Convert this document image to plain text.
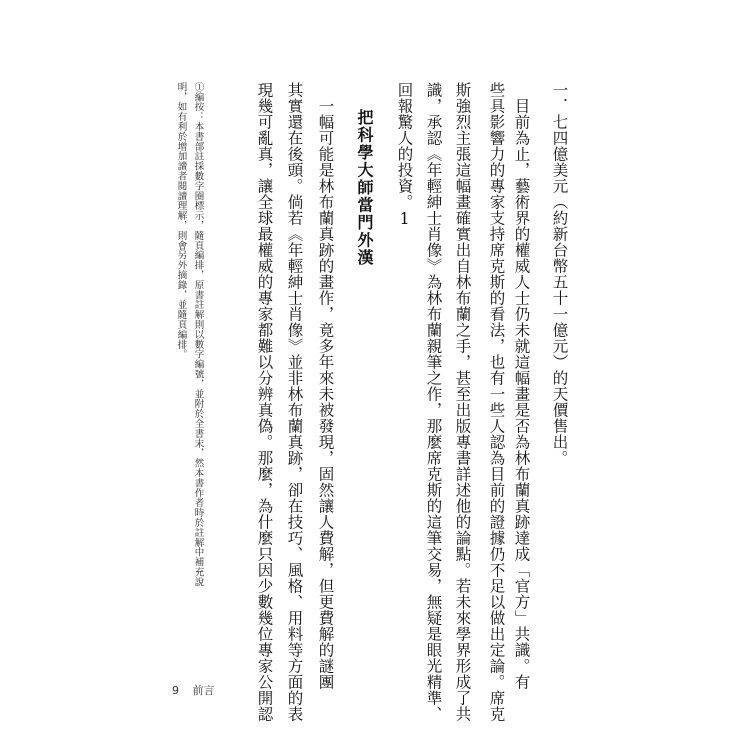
一．七四億美元（約新台幣五十一億元）的天價售出。
　目前為止，藝術界的權威人士仍未就這幅畫是否為林布蘭真跡達成「官方」共識。有
些具影響力的專家支持席克斯的看法，也有一些人認為目前的證據仍不足以做出定論。席克
斯強烈主張這幅畫確實出自林布蘭之手，甚至出版專書詳述他的論點。若未來學界形成了共
識，承認《年輕紳士肖像》為林布蘭親筆之作，那麼席克斯的這筆交易，無疑是眼光精準、
回報驚人的投資。1
把科學大師當門外漢
　一幅可能是林布蘭真跡的畫作，竟多年來未被發現，固然讓人費解，但更費解的謎團
其實還在後頭。倘若《年輕紳士肖像》並非林布蘭真跡，卻在技巧、風格、用料等方面的表
現幾可亂真，讓全球最權威的專家都難以分辨真偽。那麼，為什麼只因少數幾位專家公開認
①編按：本書部註採數字圈標示，隨頁編排，原書註解則以數字編號，並附於全書末，然本書作者時於註解中補充說
明，如有利於增加讀者閱讀理解，則會另外摘錄，並隨頁編排。
9 前言
